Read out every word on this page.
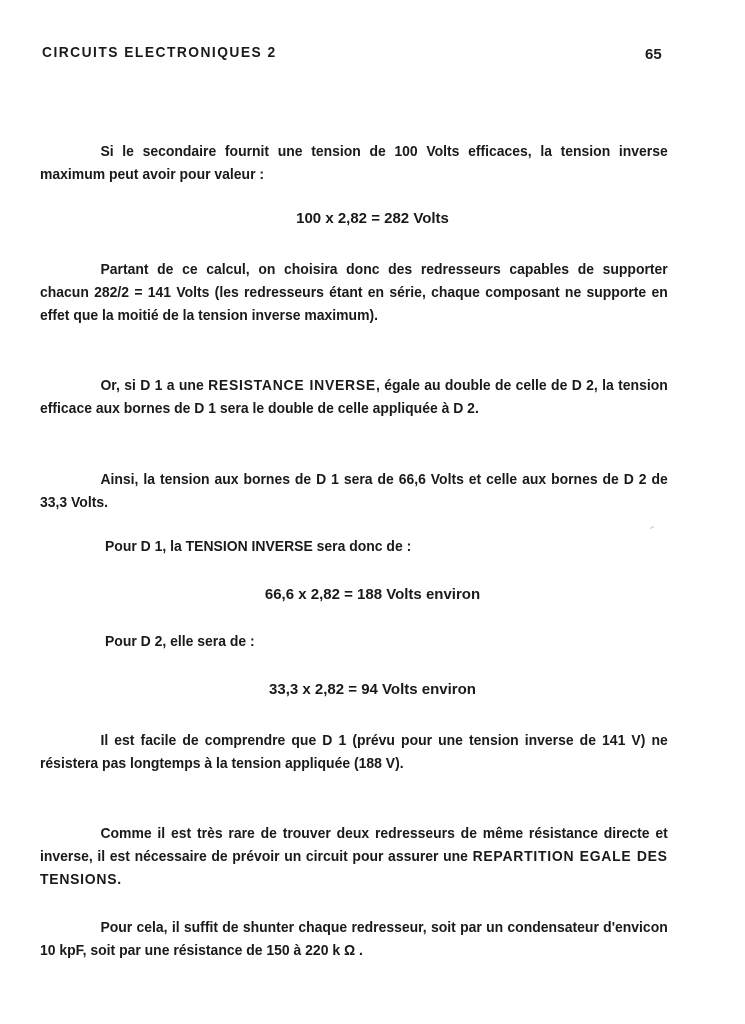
CIRCUITS ELECTRONIQUES 2	65
Si le secondaire fournit une tension de 100 Volts efficaces, la tension inverse maximum peut avoir pour valeur :
100 x 2,82 = 282 Volts
Partant de ce calcul, on choisira donc des redresseurs capables de supporter chacun 282/2 = 141 Volts (les redresseurs étant en série, chaque composant ne supporte en effet que la moitié de la tension inverse maximum).
Or, si D 1 a une RESISTANCE INVERSE, égale au double de celle de D 2, la tension efficace aux bornes de D 1 sera le double de celle appliquée à D 2.
Ainsi, la tension aux bornes de D 1 sera de 66,6 Volts et celle aux bornes de D 2 de 33,3 Volts.
Pour D 1, la TENSION INVERSE sera donc de :
66,6 x 2,82 = 188 Volts environ
Pour D 2, elle sera de :
33,3 x 2,82 = 94 Volts environ
Il est facile de comprendre que D 1 (prévu pour une tension inverse de 141 V) ne résistera pas longtemps à la tension appliquée (188 V).
Comme il est très rare de trouver deux redresseurs de même résistance directe et inverse, il est nécessaire de prévoir un circuit pour assurer une REPARTITION EGALE DES TENSIONS.
Pour cela, il suffit de shunter chaque redresseur, soit par un condensateur d'envicon 10 kpF, soit par une résistance de 150 à 220 k Ω .
